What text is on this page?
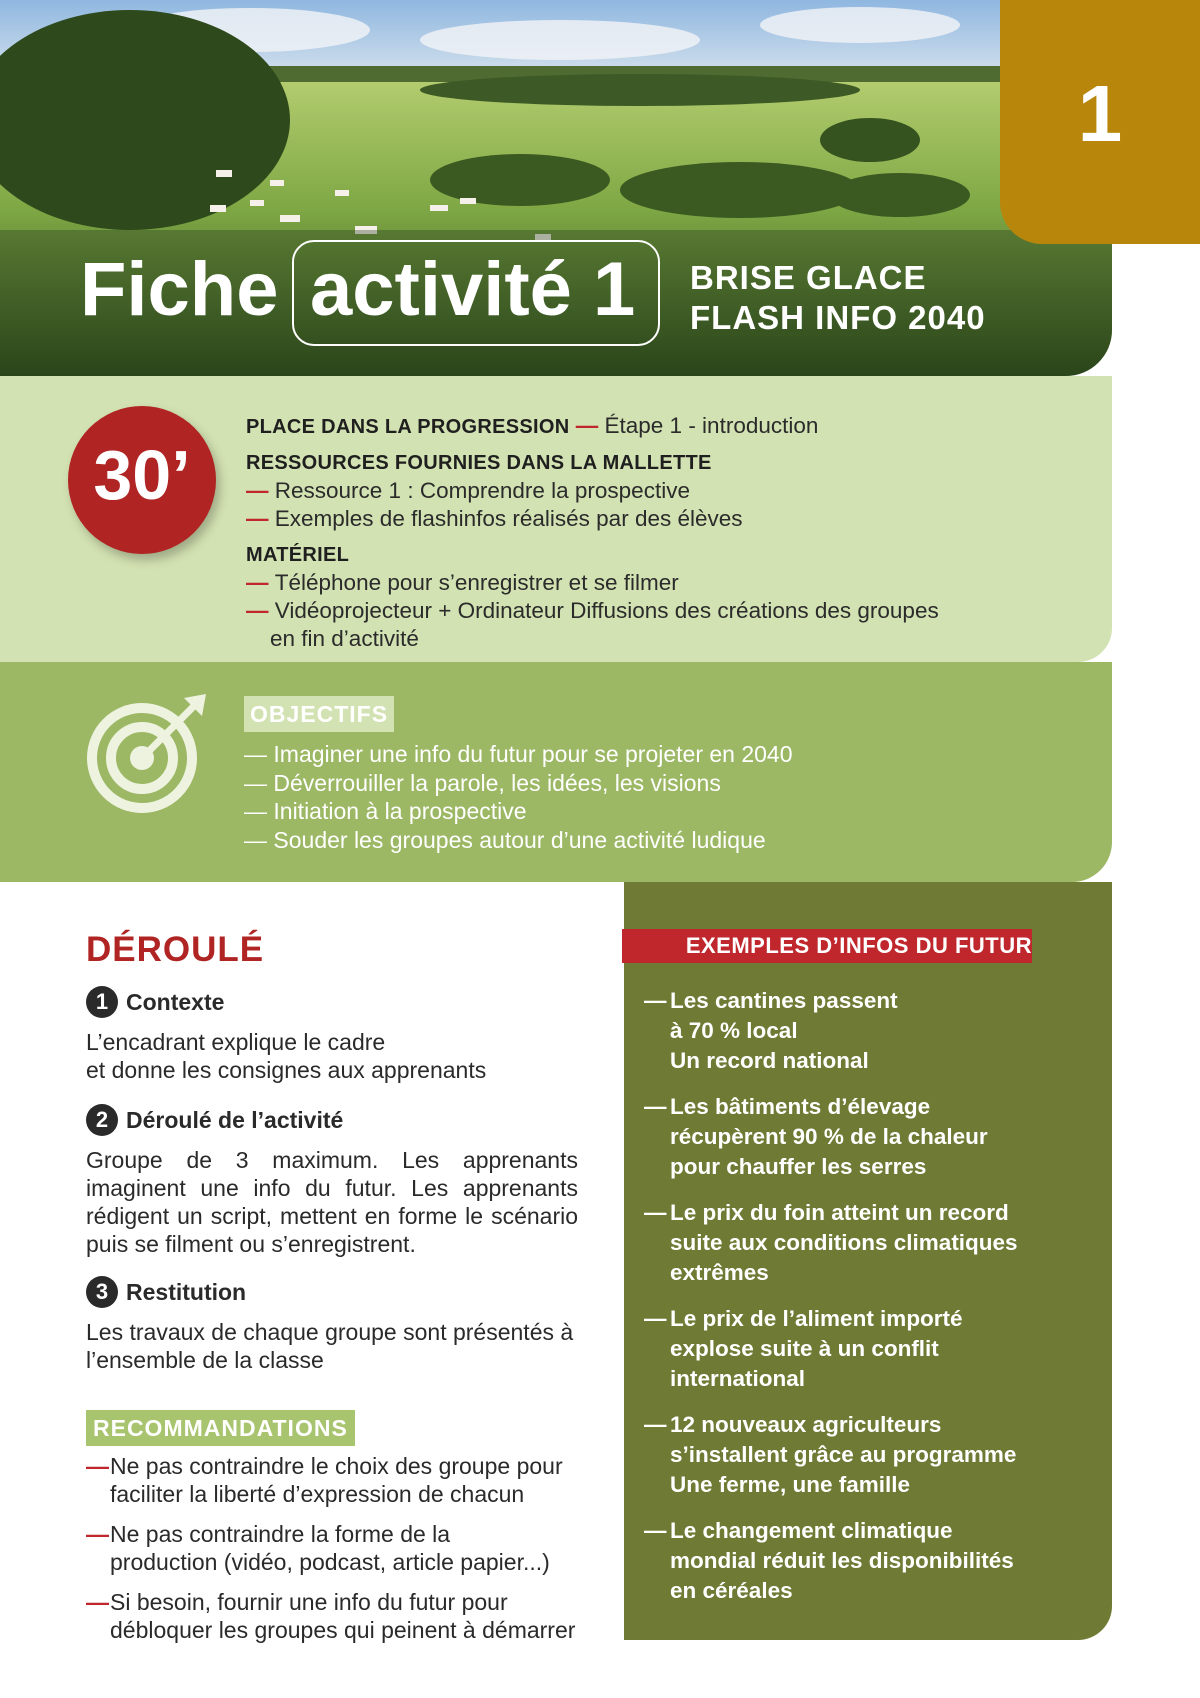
Fiche activité 1 BRISE GLACE
FLASH INFO 2040
1
30’
PLACE DANS LA PROGRESSION — Étape 1 - introduction
RESSOURCES FOURNIES DANS LA MALLETTE
— Ressource 1 : Comprendre la prospective
— Exemples de flashinfos réalisés par des élèves
MATÉRIEL
— Téléphone pour s’enregistrer et se filmer
— Vidéoprojecteur + Ordinateur Diffusions des créations des groupes
en fin d’activité
OBJECTIFS
— Imaginer une info du futur pour se projeter en 2040
— Déverrouiller la parole, les idées, les visions
— Initiation à la prospective
— Souder les groupes autour d’une activité ludique
DÉROULÉ
1 Contexte
L’encadrant explique le cadre
et donne les consignes aux apprenants
2 Déroulé de l’activité
Groupe de 3 maximum. Les apprenants imaginent une info du futur. Les apprenants rédigent un script, mettent en forme le scénario puis se filment ou s’enregistrent.
3 Restitution
Les travaux de chaque groupe sont présentés à
l’ensemble de la classe
RECOMMANDATIONS
— Ne pas contraindre le choix des groupe pour
faciliter la liberté d’expression de chacun
— Ne pas contraindre la forme de la
production (vidéo, podcast, article papier...)
— Si besoin, fournir une info du futur pour
débloquer les groupes qui peinent à démarrer
EXEMPLES D’INFOS DU FUTUR
— Les cantines passent
à 70 % local
Un record national
— Les bâtiments d’élevage
récupèrent 90 % de la chaleur
pour chauffer les serres
— Le prix du foin atteint un record
suite aux conditions climatiques
extrêmes
— Le prix de l’aliment importé
explose suite à un conflit
international
— 12 nouveaux agriculteurs
s’installent grâce au programme
Une ferme, une famille
— Le changement climatique
mondial réduit les disponibilités
en céréales
